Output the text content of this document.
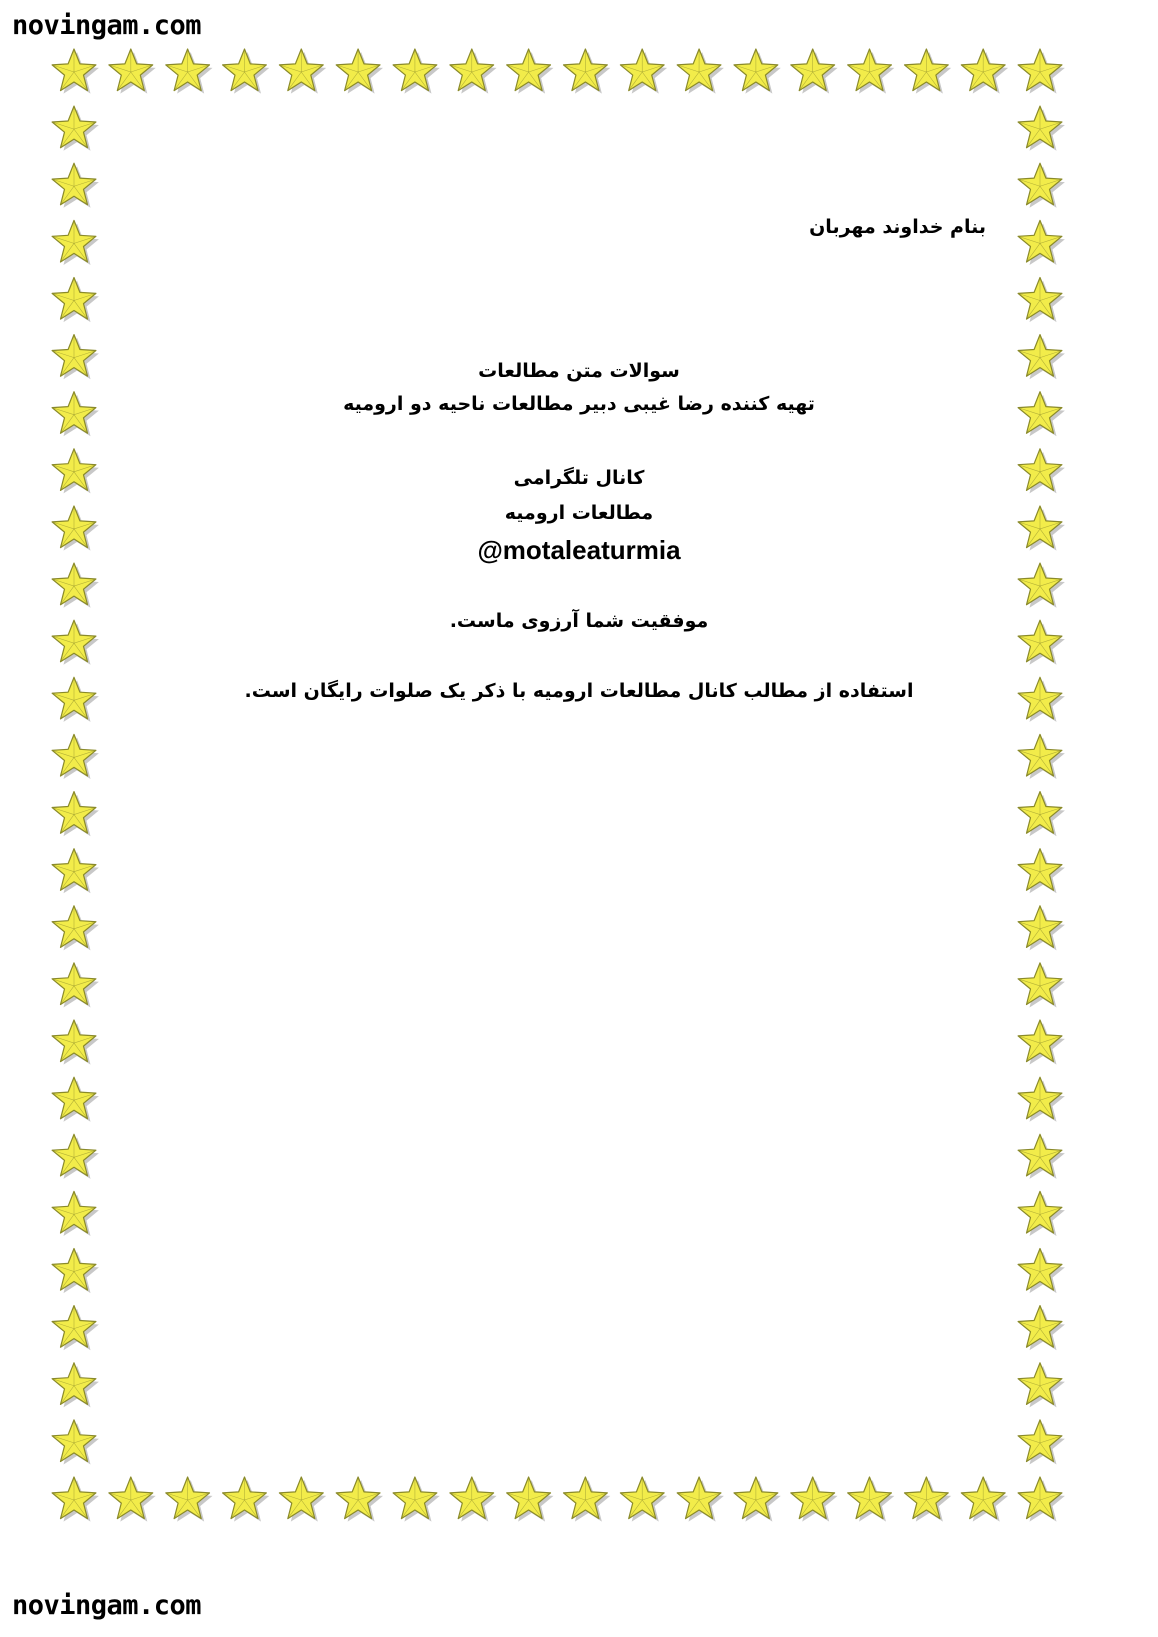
novingam.com
novingam.com
بنام خداوند مهربان
سوالات متن مطالعات
تهیه کننده رضا غیبی دبیر مطالعات ناحیه دو ارومیه
کانال تلگرامی
مطالعات ارومیه
@motaleaturmia
موفقیت شما آرزوی ماست.
استفاده از مطالب کانال مطالعات ارومیه با ذکر یک صلوات رایگان است.
